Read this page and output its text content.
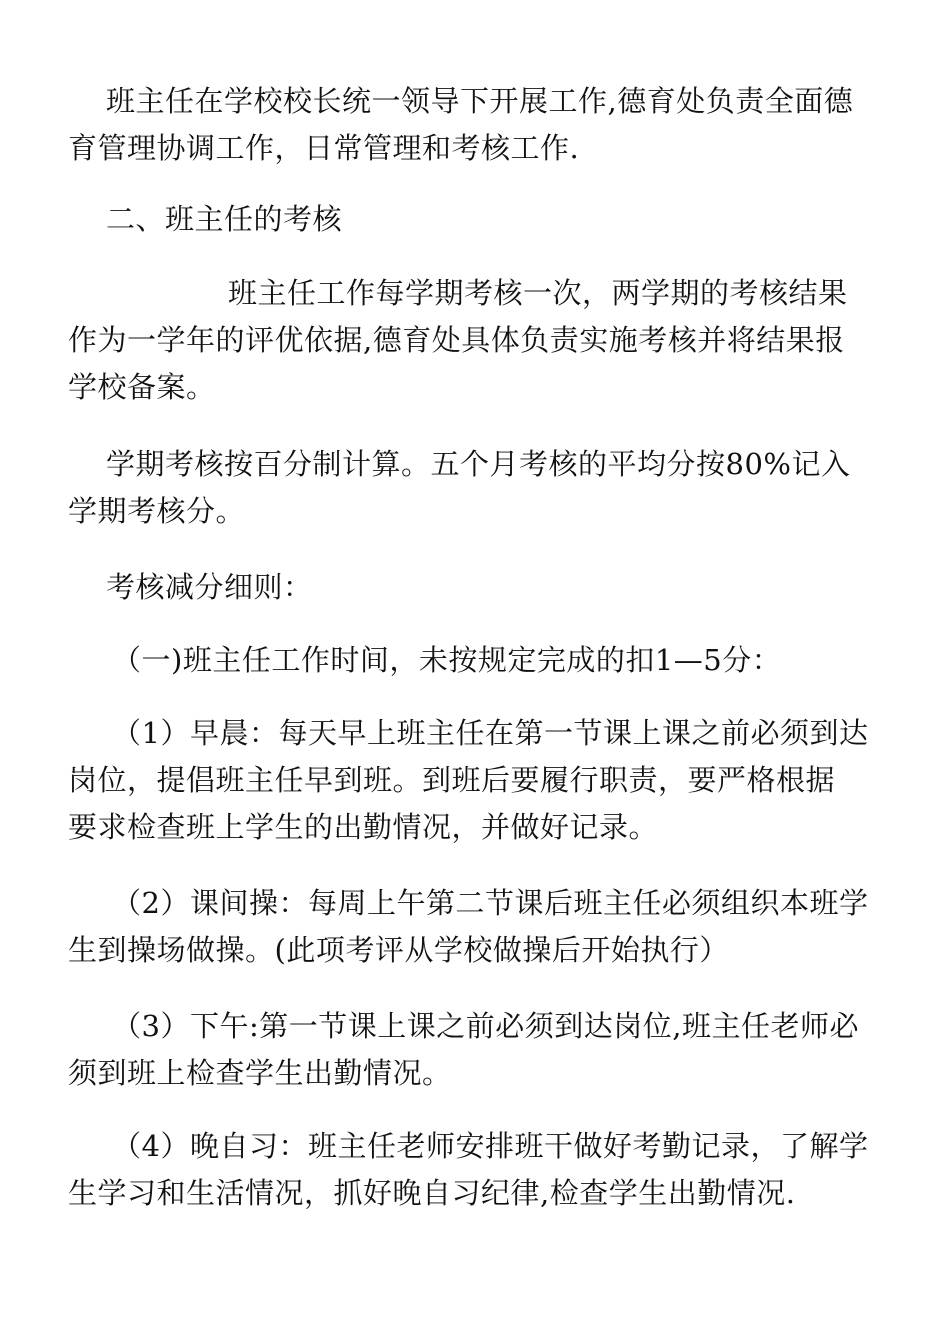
班主任在学校校长统一领导下开展工作,德育处负责全面德
育管理协调工作，日常管理和考核工作.
二、班主任的考核
班主任工作每学期考核一次，两学期的考核结果
作为一学年的评优依据,德育处具体负责实施考核并将结果报
学校备案。
学期考核按百分制计算。五个月考核的平均分按80%记入
学期考核分。
考核减分细则：
（一)班主任工作时间，未按规定完成的扣1—5分：
（1）早晨：每天早上班主任在第一节课上课之前必须到达
岗位，提倡班主任早到班。到班后要履行职责，要严格根据
要求检查班上学生的出勤情况，并做好记录。
（2）课间操：每周上午第二节课后班主任必须组织本班学
生到操场做操。(此项考评从学校做操后开始执行）
（3）下午:第一节课上课之前必须到达岗位,班主任老师必
须到班上检查学生出勤情况。
（4）晚自习：班主任老师安排班干做好考勤记录，了解学
生学习和生活情况，抓好晚自习纪律,检查学生出勤情况.
